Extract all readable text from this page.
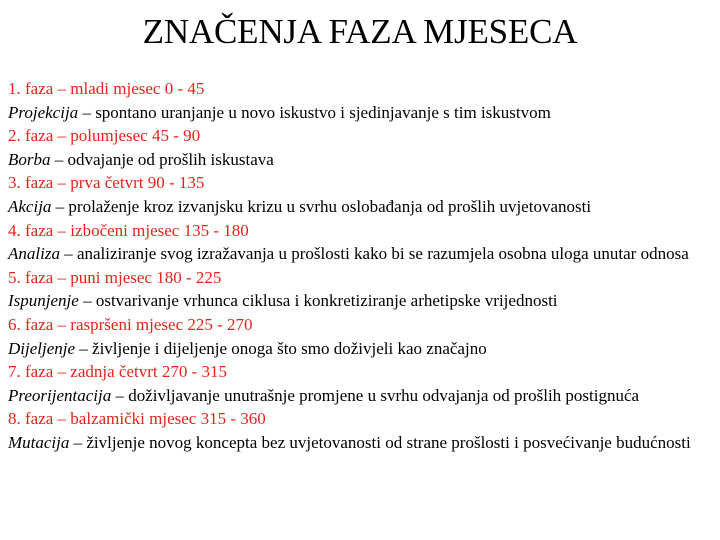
ZNAČENJA FAZA MJESECA

1. faza – mladi mjesec 0 - 45

Projekcija – spontano uranjanje u novo iskustvo i sjedinjavanje s tim iskustvom

2. faza – polumjesec 45 - 90

Borba – odvajanje od prošlih iskustava

3. faza – prva četvrt 90 - 135

Akcija – prolaženje kroz izvanjsku krizu u svrhu oslobađanja od prošlih uvjetovanosti

4. faza – izbočeni mjesec 135 - 180

Analiza – analiziranje svog izražavanja u prošlosti kako bi se razumjela osobna uloga unutar odnosa

5. faza – puni mjesec 180 - 225

Ispunjenje – ostvarivanje vrhunca ciklusa i konkretiziranje arhetipske vrijednosti

6. faza – raspršeni mjesec 225 - 270

Dijeljenje – življenje i dijeljenje onoga što smo doživjeli kao značajno

7. faza – zadnja četvrt 270 - 315

Preorijentacija – doživljavanje unutrašnje promjene u svrhu odvajanja od prošlih postignuća

8. faza – balzamički mjesec 315 - 360

Mutacija – življenje novog koncepta bez uvjetovanosti od strane prošlosti i posvećivanje budućnosti
